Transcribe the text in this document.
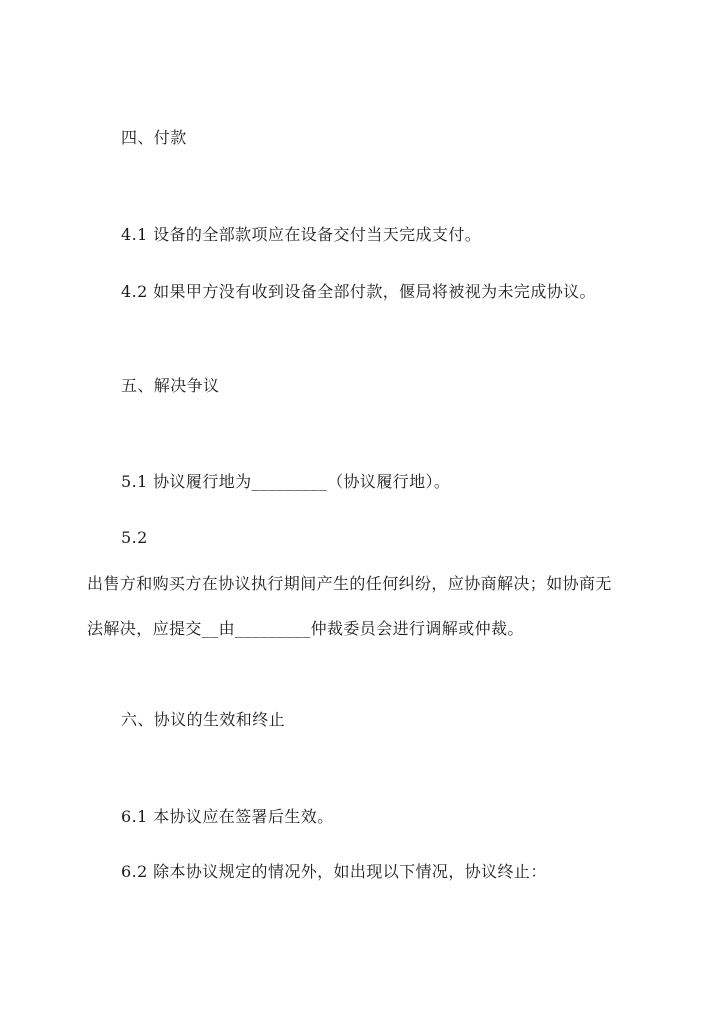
四、付款
4.1 设备的全部款项应在设备交付当天完成支付。
4.2 如果甲方没有收到设备全部付款，偃局将被视为未完成协议。
五、解决争议
5.1 协议履行地为_________（协议履行地）。
5.2
出售方和购买方在协议执行期间产生的任何纠纷，应协商解决；如协商无
法解决，应提交__由_________仲裁委员会进行调解或仲裁。
六、协议的生效和终止
6.1 本协议应在签署后生效。
6.2 除本协议规定的情况外，如出现以下情况，协议终止：
